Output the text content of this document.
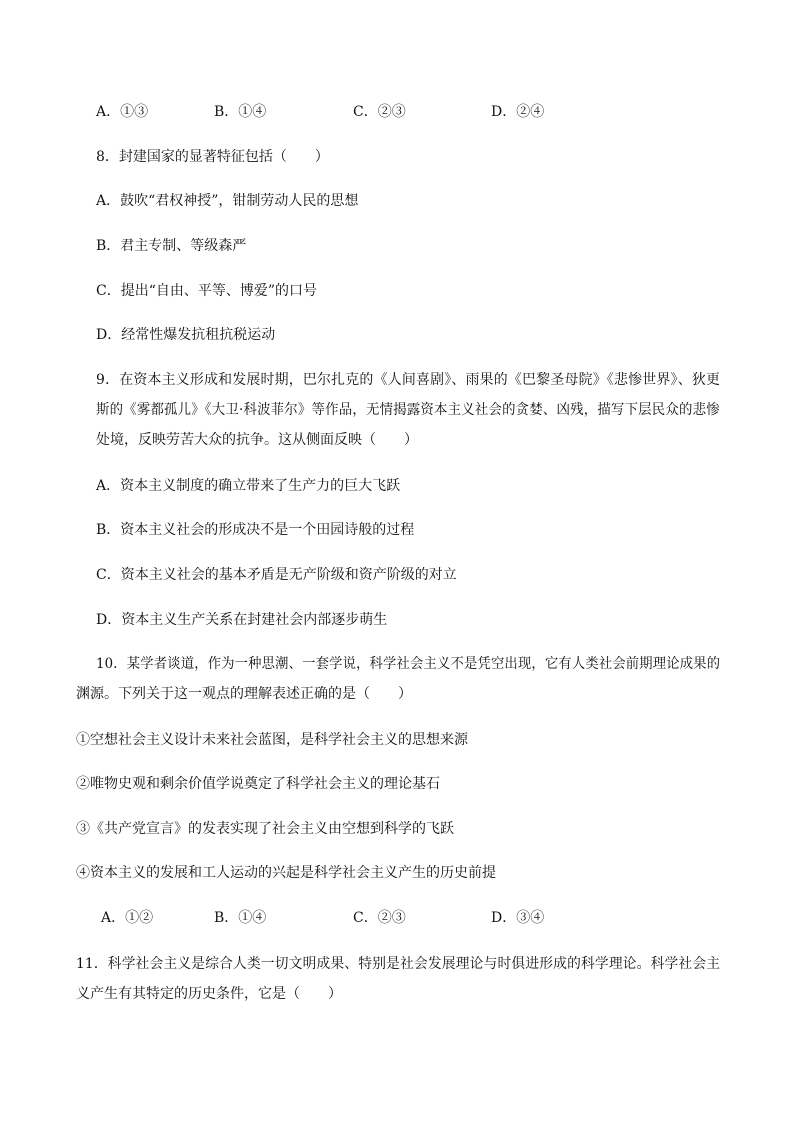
A．①③	B．①④	C．②③	D．②④
8．封建国家的显著特征包括（　　）
A．鼓吹“君权神授”，钳制劳动人民的思想
B．君主专制、等级森严
C．提出“自由、平等、博爱”的口号
D．经常性爆发抗租抗税运动
9．在资本主义形成和发展时期，巴尔扎克的《人间喜剧》、雨果的《巴黎圣母院》《悲惨世界》、狄更
斯的《雾都孤儿》《大卫·科波菲尔》等作品，无情揭露资本主义社会的贪婪、凶残，描写下层民众的悲惨
处境，反映劳苦大众的抗争。这从侧面反映（　　）
A．资本主义制度的确立带来了生产力的巨大飞跃
B．资本主义社会的形成决不是一个田园诗般的过程
C．资本主义社会的基本矛盾是无产阶级和资产阶级的对立
D．资本主义生产关系在封建社会内部逐步萌生
10．某学者谈道，作为一种思潮、一套学说，科学社会主义不是凭空出现，它有人类社会前期理论成果的
渊源。下列关于这一观点的理解表述正确的是（　　）
①空想社会主义设计未来社会蓝图，是科学社会主义的思想来源
②唯物史观和剩余价值学说奠定了科学社会主义的理论基石
③《共产党宣言》的发表实现了社会主义由空想到科学的飞跃
④资本主义的发展和工人运动的兴起是科学社会主义产生的历史前提
A．①②	B．①④	C．②③	D．③④
11．科学社会主义是综合人类一切文明成果、特别是社会发展理论与时俱进形成的科学理论。科学社会主
义产生有其特定的历史条件，它是（　　）
